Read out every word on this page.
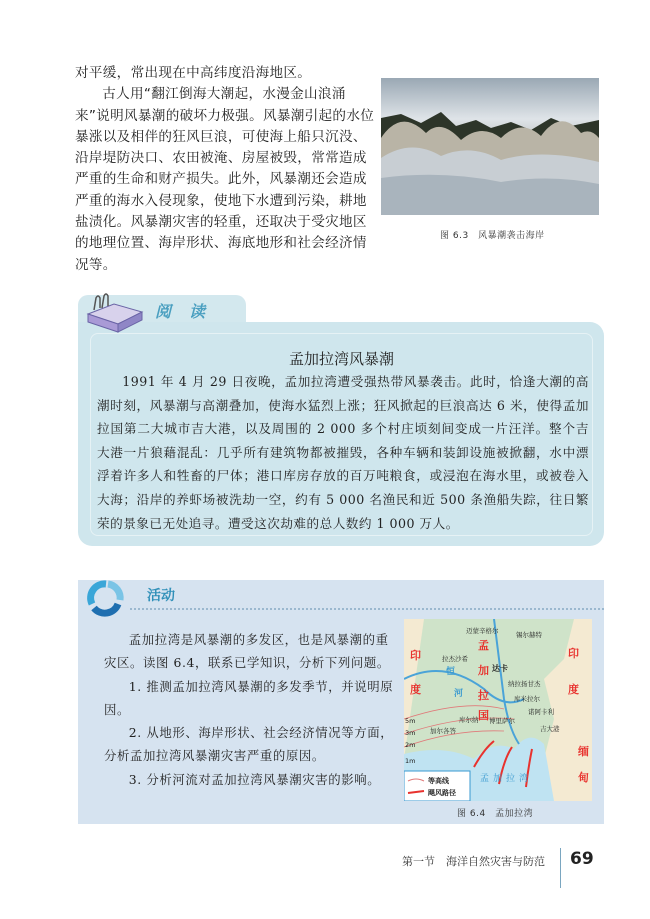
对平缓，常出现在中高纬度沿海地区。

古人用“翻江倒海大潮起，水漫金山浪涌来”说明风暴潮的破坏力极强。风暴潮引起的水位暴涨以及相伴的狂风巨浪，可使海上船只沉没、沿岸堤防决口、农田被淹、房屋被毁，常常造成严重的生命和财产损失。此外，风暴潮还会造成严重的海水入侵现象，使地下水遭到污染，耕地盐渍化。风暴潮灾害的轻重，还取决于受灾地区的地理位置、海岸形状、海底地形和社会经济情况等。

图 6.3　风暴潮袭击海岸
阅读
孟加拉湾风暴潮

1991 年 4 月 29 日夜晚，孟加拉湾遭受强热带风暴袭击。此时，恰逢大潮的高潮时刻，风暴潮与高潮叠加，使海水猛烈上涨；狂风掀起的巨浪高达 6 米，使得孟加拉国第二大城市吉大港，以及周围的 2 000 多个村庄顷刻间变成一片汪洋。整个吉大港一片狼藉混乱：几乎所有建筑物都被摧毁，各种车辆和装卸设施被掀翻，水中漂浮着许多人和牲畜的尸体；港口库房存放的百万吨粮食，或浸泡在海水里，或被卷入大海；沿岸的养虾场被洗劫一空，约有 5 000 名渔民和近 500 条渔船失踪，往日繁荣的景象已无处追寻。遭受这次劫难的总人数约 1 000 万人。

活动

孟加拉湾是风暴潮的多发区，也是风暴潮的重灾区。读图 6.4，联系已学知识，分析下列问题。

1. 推测孟加拉湾风暴潮的多发季节，并说明原因。

2. 从地形、海岸形状、社会经济情况等方面，分析孟加拉湾风暴潮灾害严重的原因。

3. 分析河流对孟加拉湾风暴潮灾害的影响。

印
度
孟
加
拉
国
印
度
缅
甸
恒
河
迈蒙辛格尔	锡尔赫特
拉杰沙希
达卡
纳拉扬甘杰
库米拉尔
诺阿卡利
库尔纳 博里萨尔
吉大港
加尔各答
5m
3m
2m
1m
孟加拉湾
等高线
飓风路径
图 6.4　孟加拉湾
第一节　海洋自然灾害与防范 69
